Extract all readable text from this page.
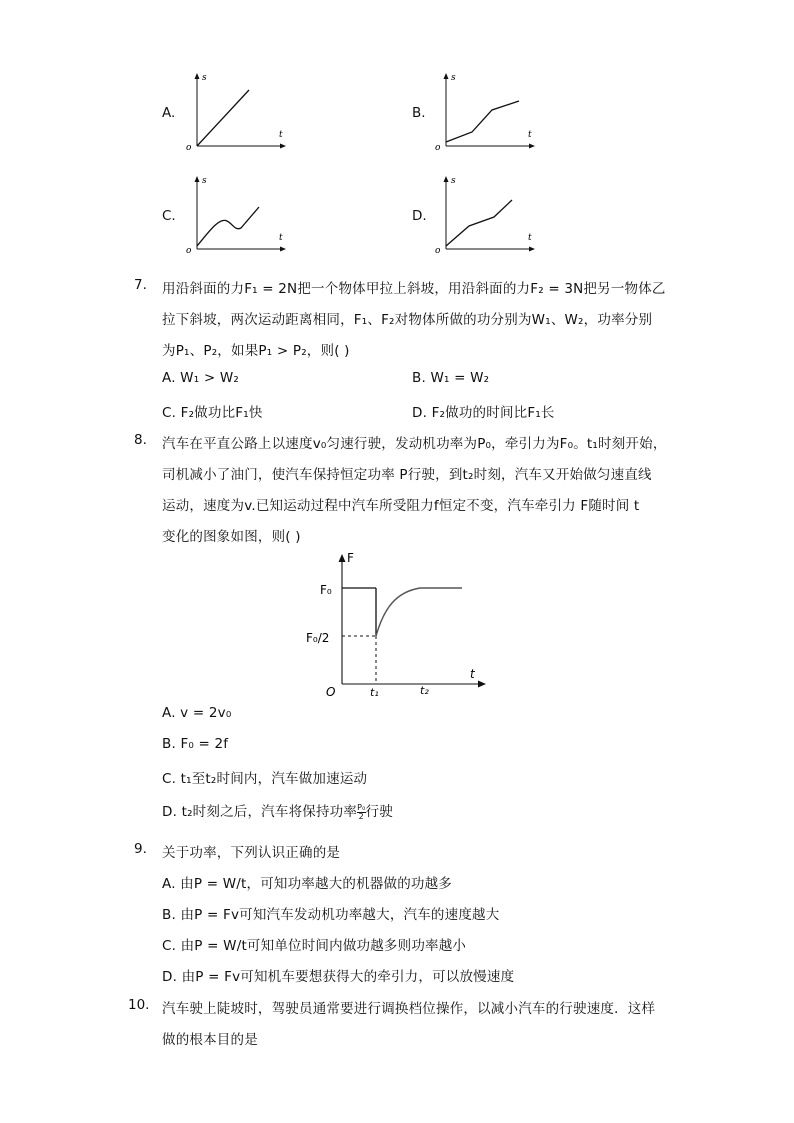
A.
s
t
o
B.
s
t
o
C.
s
t
o
D.
s
t
o
7. 用沿斜面的力F₁ = 2N把一个物体甲拉上斜坡，用沿斜面的力F₂ = 3N把另一物体乙
拉下斜坡，两次运动距离相同，F₁、F₂对物体所做的功分别为W₁、W₂，功率分别
为P₁、P₂，如果P₁ > P₂，则( )
A. W₁ > W₂	B. W₁ = W₂
C. F₂做功比F₁快	D. F₂做功的时间比F₁长
8. 汽车在平直公路上以速度v₀匀速行驶，发动机功率为P₀，牵引力为F₀。t₁时刻开始，
司机减小了油门，使汽车保持恒定功率 P行驶，到t₂时刻，汽车又开始做匀速直线
运动，速度为v.已知运动过程中汽车所受阻力f恒定不变，汽车牵引力 F随时间 t
变化的图象如图，则( )
F
F₀
F₀/2
O
t
t₁	t₂
A. v = 2v₀
B. F₀ = 2f
C. t₁至t₂时间内，汽车做加速运动
D. t₂时刻之后，汽车将保持功率 $\frac{\text{P₀}}{2}$ 行驶
9. 关于功率，下列认识正确的是
A. 由P = W/t，可知功率越大的机器做的功越多
B. 由P = Fv可知汽车发动机功率越大，汽车的速度越大
C. 由P = W/t可知单位时间内做功越多则功率越小
D. 由P = Fv可知机车要想获得大的牵引力，可以放慢速度
10. 汽车驶上陡坡时，驾驶员通常要进行调换档位操作，以减小汽车的行驶速度．这样
做的根本目的是
